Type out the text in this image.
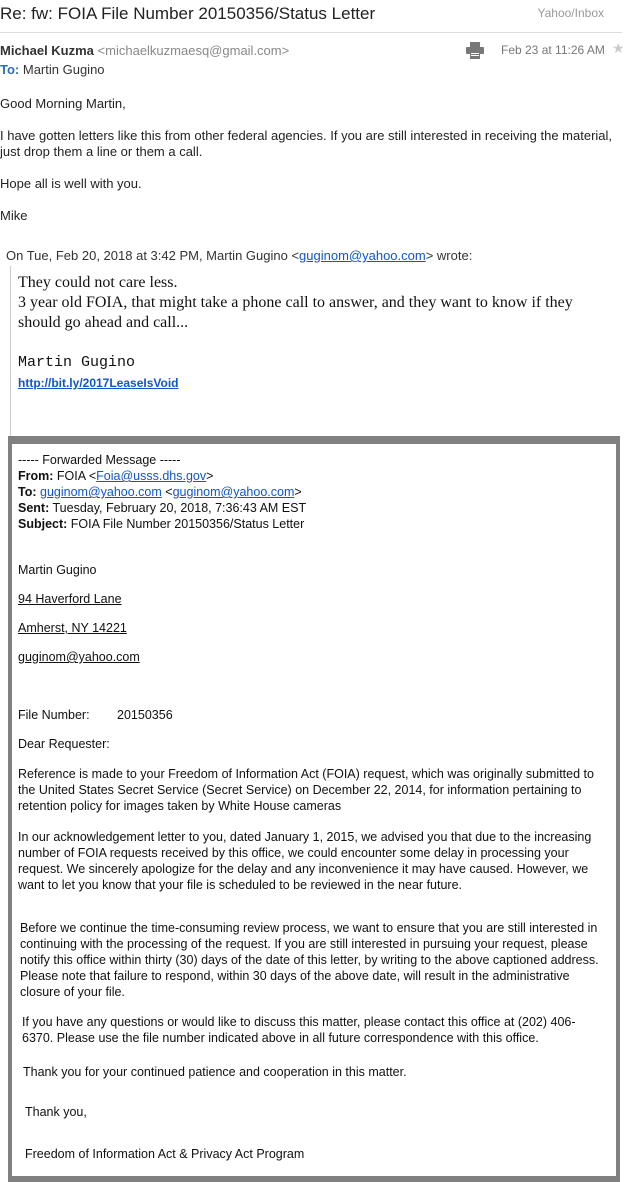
Re: fw: FOIA File Number 20150356/Status Letter	Yahoo/Inbox
Michael Kuzma <michaelkuzmaesq@gmail.com>
To: Martin Gugino
Feb 23 at 11:26 AM ★
Good Morning Martin,
I have gotten letters like this from other federal agencies. If you are still interested in receiving the material,
just drop them a line or them a call.
Hope all is well with you.
Mike
On Tue, Feb 20, 2018 at 3:42 PM, Martin Gugino <guginom@yahoo.com> wrote:
They could not care less.
3 year old FOIA, that might take a phone call to answer, and they want to know if they
should go ahead and call...
Martin Gugino
http://bit.ly/2017LeaseIsVoid
----- Forwarded Message -----
From: FOIA <Foia@usss.dhs.gov>
To: guginom@yahoo.com <guginom@yahoo.com>
Sent: Tuesday, February 20, 2018, 7:36:43 AM EST
Subject: FOIA File Number 20150356/Status Letter
Martin Gugino
94 Haverford Lane
Amherst, NY 14221
guginom@yahoo.com
File Number: 20150356
Dear Requester:
Reference is made to your Freedom of Information Act (FOIA) request, which was originally submitted to the United States Secret Service (Secret Service) on December 22, 2014, for information pertaining to retention policy for images taken by White House cameras
In our acknowledgement letter to you, dated January 1, 2015, we advised you that due to the increasing number of FOIA requests received by this office, we could encounter some delay in processing your request. We sincerely apologize for the delay and any inconvenience it may have caused. However, we want to let you know that your file is scheduled to be reviewed in the near future.
Before we continue the time-consuming review process, we want to ensure that you are still interested in continuing with the processing of the request. If you are still interested in pursuing your request, please notify this office within thirty (30) days of the date of this letter, by writing to the above captioned address. Please note that failure to respond, within 30 days of the above date, will result in the administrative closure of your file.
If you have any questions or would like to discuss this matter, please contact this office at (202) 406-6370. Please use the file number indicated above in all future correspondence with this office.
Thank you for your continued patience and cooperation in this matter.
Thank you,
Freedom of Information Act & Privacy Act Program
